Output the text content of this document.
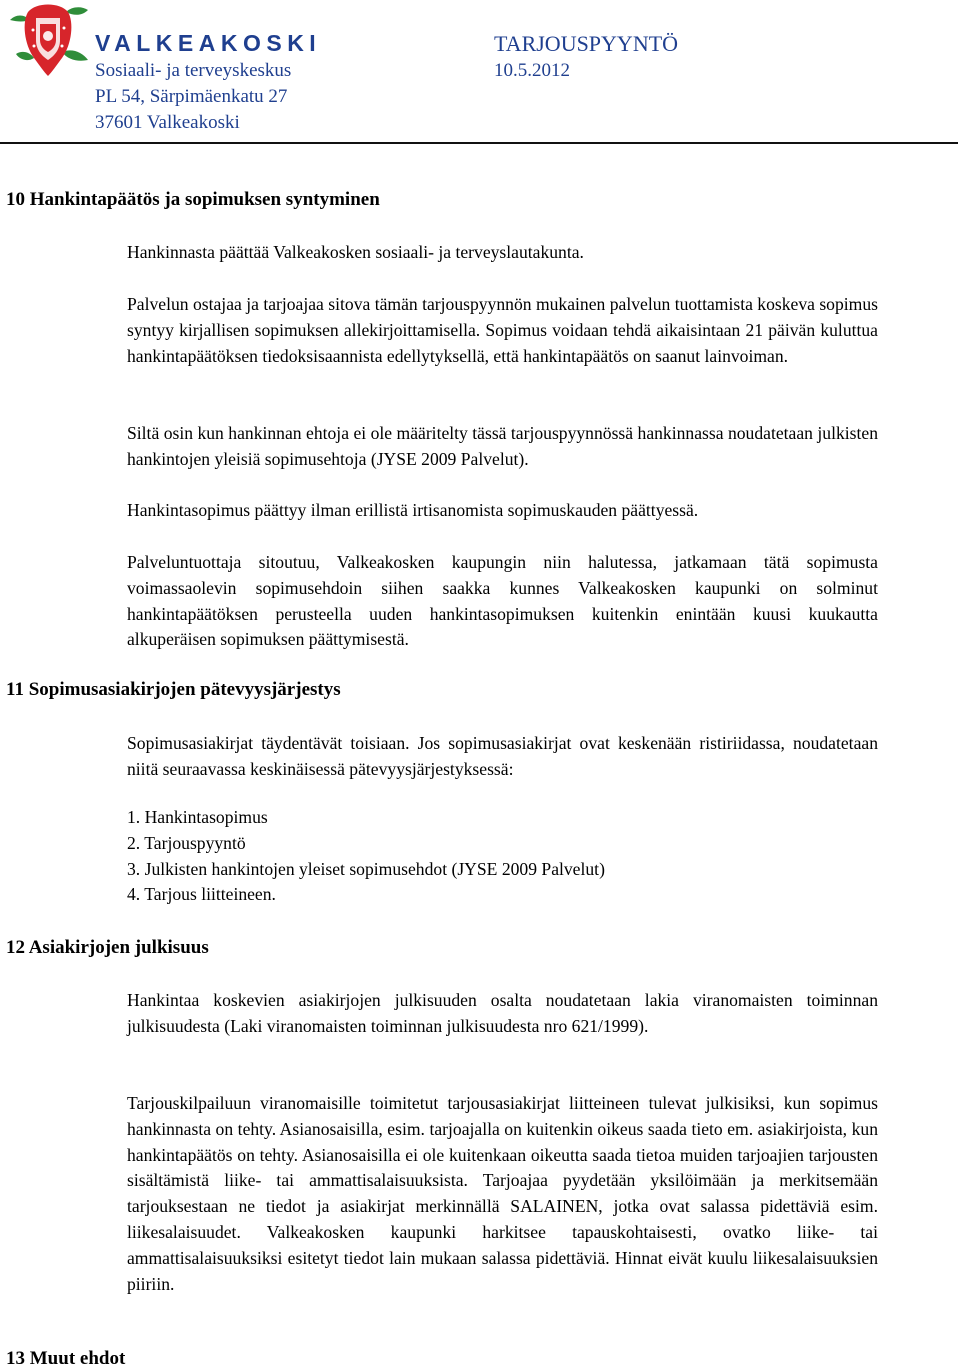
VALKEAKOSKI	TARJOUSPYYNTÖ
Sosiaali- ja terveyskeskus	10.5.2012
PL 54, Särpimäenkatu 27
37601 Valkeakoski
10 Hankintapäätös ja sopimuksen syntyminen

Hankinnasta päättää Valkeakosken sosiaali- ja terveyslautakunta.

Palvelun ostajaa ja tarjoajaa sitova tämän tarjouspyynnön mukainen palvelun tuottamista koskeva sopimus syntyy kirjallisen sopimuksen allekirjoittamisella. Sopimus voidaan tehdä aikaisintaan 21 päivän kuluttua hankintapäätöksen tiedoksisaannista edellytyksellä, että hankintapäätös on saanut lainvoiman.

Siltä osin kun hankinnan ehtoja ei ole määritelty tässä tarjouspyynnössä hankinnassa noudatetaan julkisten hankintojen yleisiä sopimusehtoja (JYSE 2009 Palvelut).

Hankintasopimus päättyy ilman erillistä irtisanomista sopimuskauden päättyessä.

Palveluntuottaja sitoutuu, Valkeakosken kaupungin niin halutessa, jatkamaan tätä sopimusta voimassaolevin sopimusehdoin siihen saakka kunnes Valkeakosken kaupunki on solminut hankintapäätöksen perusteella uuden hankintasopimuksen kuitenkin enintään kuusi kuukautta alkuperäisen sopimuksen päättymisestä.

11 Sopimusasiakirjojen pätevyysjärjestys

Sopimusasiakirjat täydentävät toisiaan. Jos sopimusasiakirjat ovat keskenään ristiriidassa, noudatetaan niitä seuraavassa keskinäisessä pätevyysjärjestyksessä:

1. Hankintasopimus
2. Tarjouspyyntö
3. Julkisten hankintojen yleiset sopimusehdot (JYSE 2009 Palvelut)
4. Tarjous liitteineen.
12 Asiakirjojen julkisuus

Hankintaa koskevien asiakirjojen julkisuuden osalta noudatetaan lakia viranomaisten toiminnan julkisuudesta (Laki viranomaisten toiminnan julkisuudesta nro 621/1999).

Tarjouskilpailuun viranomaisille toimitetut tarjousasiakirjat liitteineen tulevat julkisiksi, kun sopimus hankinnasta on tehty. Asianosaisilla, esim. tarjoajalla on kuitenkin oikeus saada tieto em. asiakirjoista, kun hankintapäätös on tehty. Asianosaisilla ei ole kuitenkaan oikeutta saada tietoa muiden tarjoajien tarjousten sisältämistä liike- tai ammattisalaisuuksista. Tarjoajaa pyydetään yksilöimään ja merkitsemään tarjouksestaan ne tiedot ja asiakirjat merkinnällä SALAINEN, jotka ovat salassa pidettäviä esim. liikesalaisuudet. Valkeakosken kaupunki harkitsee tapauskohtaisesti, ovatko liike- tai ammattisalaisuuksiksi esitetyt tiedot lain mukaan salassa pidettäviä. Hinnat eivät kuulu liikesalaisuuksien piiriin.

13 Muut ehdot
